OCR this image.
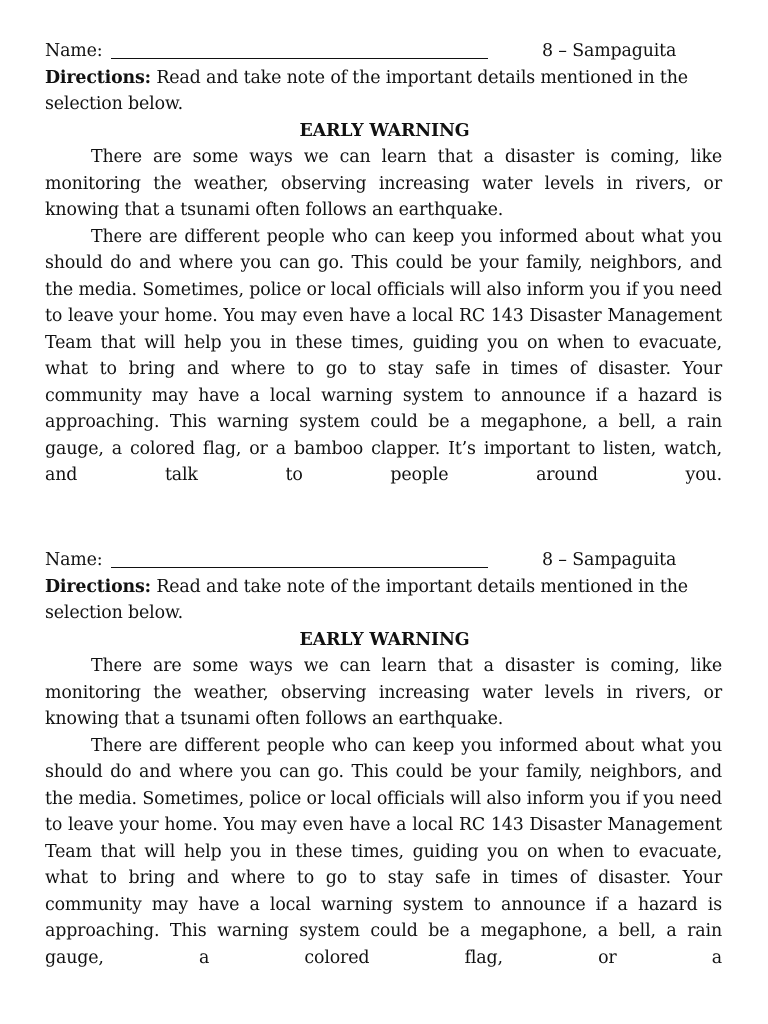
Name:	8 – Sampaguita
Directions: Read and take note of the important details mentioned in the selection below.
EARLY WARNING

There are some ways we can learn that a disaster is coming, like monitoring the weather, observing increasing water levels in rivers, or knowing that a tsunami often follows an earthquake.

There are different people who can keep you informed about what you should do and where you can go. This could be your family, neighbors, and the media. Sometimes, police or local officials will also inform you if you need to leave your home. You may even have a local RC 143 Disaster Management Team that will help you in these times, guiding you on when to evacuate, what to bring and where to go to stay safe in times of disaster. Your community may have a local warning system to announce if a hazard is approaching. This warning system could be a megaphone, a bell, a rain gauge, a colored flag, or a bamboo clapper. It’s important to listen, watch, and talk to people around you.

Name:	8 – Sampaguita
Directions: Read and take note of the important details mentioned in the selection below.
EARLY WARNING

There are some ways we can learn that a disaster is coming, like monitoring the weather, observing increasing water levels in rivers, or knowing that a tsunami often follows an earthquake.

There are different people who can keep you informed about what you should do and where you can go. This could be your family, neighbors, and the media. Sometimes, police or local officials will also inform you if you need to leave your home. You may even have a local RC 143 Disaster Management Team that will help you in these times, guiding you on when to evacuate, what to bring and where to go to stay safe in times of disaster. Your community may have a local warning system to announce if a hazard is approaching. This warning system could be a megaphone, a bell, a rain gauge, a colored flag, or a
